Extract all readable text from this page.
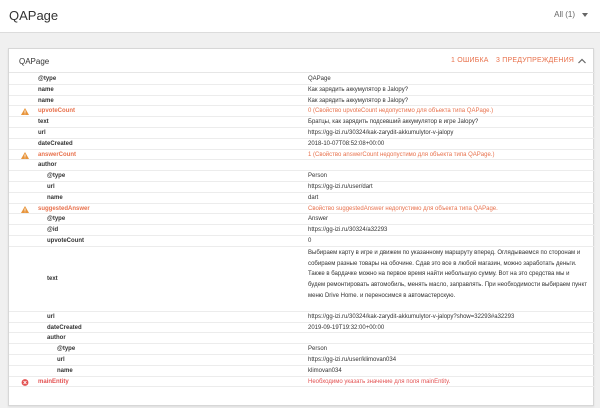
QAPage	All (1)
QAPage	1 ОШИБКА 3 ПРЕДУПРЕЖДЕНИЯ
@type	QAPage
name	Как зарядить аккумулятор в Jalopy?
name	Как зарядить аккумулятор в Jalopy?
upvoteCount	0 (Свойство upvoteCount недопустимо для объекта типа QAPage.)
text	Братцы, как зарядить подсевший аккумулятор в игре Jalopy?
url	https://gg-izi.ru/30324/kak-zarydit-akkumulytor-v-jalopy
dateCreated	2018-10-07T08:52:08+00:00
answerCount	1 (Свойство answerCount недопустимо для объекта типа QAPage.)
author
@type	Person
url	https://gg-izi.ru/user/dart
name	dart
suggestedAnswer	Свойство suggestedAnswer недопустимо для объекта типа QAPage.
@type	Answer
@id	https://gg-izi.ru/30324/a32293
upvoteCount	0
text
Выбираем карту в игре и движем по указанному маршруту вперед. Оглядываемся по сторонам и собираем разные товары на обочине. Сдав это все в любой магазин, можно заработать деньги. Также в бардачке можно на первое время найти небольшую сумму. Вот на это средства мы и будем ремонтировать автомобиль, менять масло, заправлять. При необходимости выбираем пункт меню Drive Home. и переносимся в автомастерскую.
url	https://gg-izi.ru/30324/kak-zarydit-akkumulytor-v-jalopy?show=32293#a32293
dateCreated	2019-09-19T19:32:00+00:00
author
@type	Person
url	https://gg-izi.ru/user/klimovan034
name	klimovan034
mainEntity	Необходимо указать значение для поля mainEntity.
